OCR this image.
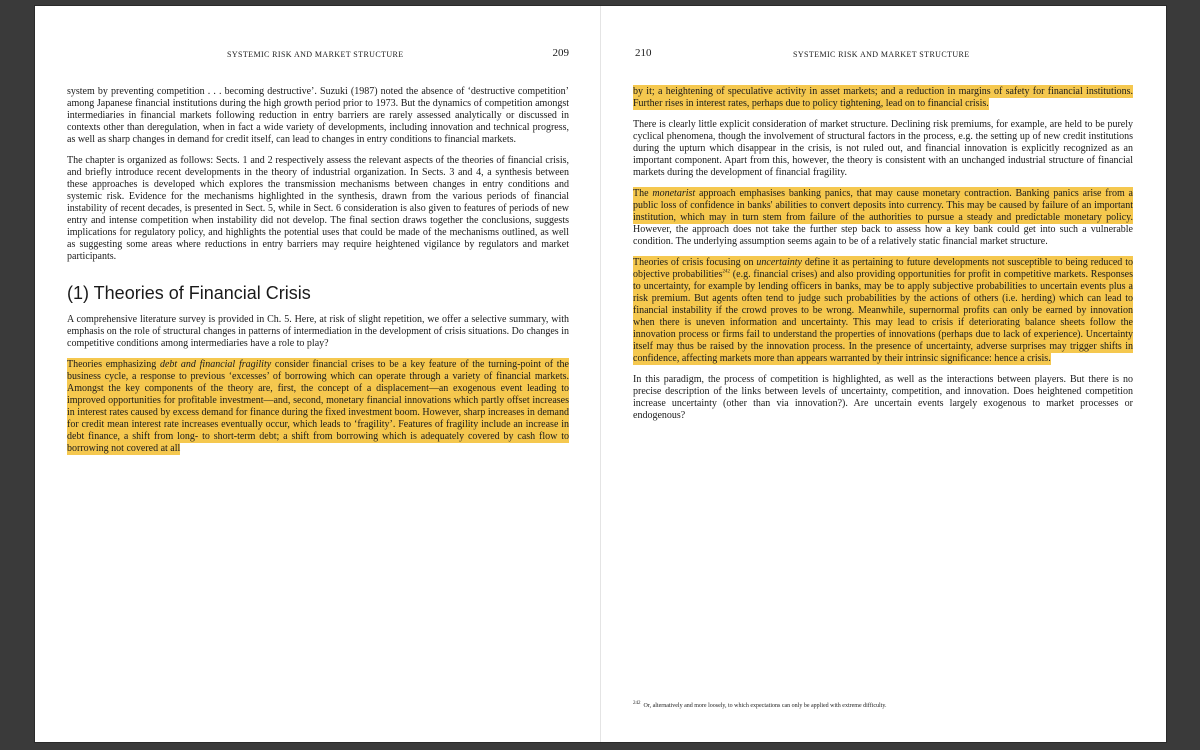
SYSTEMIC RISK AND MARKET STRUCTURE	209

system by preventing competition . . . becoming destructive’. Suzuki (1987) noted the absence of ‘destructive competition’ among Japanese financial institutions during the high growth period prior to 1973. But the dynamics of competition amongst intermediaries in financial markets following reduction in entry barriers are rarely assessed analytically or discussed in contexts other than deregulation, when in fact a wide variety of developments, including innovation and technical progress, as well as sharp changes in demand for credit itself, can lead to changes in entry conditions to financial markets.

The chapter is organized as follows: Sects. 1 and 2 respectively assess the relevant aspects of the theories of financial crisis, and briefly introduce recent developments in the theory of industrial organization. In Sects. 3 and 4, a synthesis between these approaches is developed which explores the transmission mechanisms between changes in entry conditions and systemic risk. Evidence for the mechanisms highlighted in the synthesis, drawn from the various periods of financial instability of recent decades, is presented in Sect. 5, while in Sect. 6 consideration is also given to features of periods of new entry and intense competition when instability did not develop. The final section draws together the conclusions, suggests implications for regulatory policy, and highlights the potential uses that could be made of the mechanisms outlined, as well as suggesting some areas where reductions in entry barriers may require heightened vigilance by regulators and market participants.

(1) Theories of Financial Crisis

A comprehensive literature survey is provided in Ch. 5. Here, at risk of slight repetition, we offer a selective summary, with emphasis on the role of structural changes in patterns of intermediation in the development of crisis situations. Do changes in competitive conditions among intermediaries have a role to play?

Theories emphasizing debt and financial fragility consider financial crises to be a key feature of the turning-point of the business cycle, a response to previous ‘excesses’ of borrowing which can operate through a variety of financial markets. Amongst the key components of the theory are, first, the concept of a displacement—an exogenous event leading to improved opportunities for profitable investment—and, second, monetary financial innovations which partly offset increases in interest rates caused by excess demand for finance during the fixed investment boom. However, sharp increases in demand for credit mean interest rate increases eventually occur, which leads to ‘fragility’. Features of fragility include an increase in debt finance, a shift from long- to short-term debt; a shift from borrowing which is adequately covered by cash flow to borrowing not covered at all

210	SYSTEMIC RISK AND MARKET STRUCTURE

by it; a heightening of speculative activity in asset markets; and a reduction in margins of safety for financial institutions. Further rises in interest rates, perhaps due to policy tightening, lead on to financial crisis.

There is clearly little explicit consideration of market structure. Declining risk premiums, for example, are held to be purely cyclical phenomena, though the involvement of structural factors in the process, e.g. the setting up of new credit institutions during the upturn which disappear in the crisis, is not ruled out, and financial innovation is explicitly recognized as an important component. Apart from this, however, the theory is consistent with an unchanged industrial structure of financial markets during the development of financial fragility.

The monetarist approach emphasises banking panics, that may cause monetary contraction. Banking panics arise from a public loss of confidence in banks' abilities to convert deposits into currency. This may be caused by failure of an important institution, which may in turn stem from failure of the authorities to pursue a steady and predictable monetary policy. However, the approach does not take the further step back to assess how a key bank could get into such a vulnerable condition. The underlying assumption seems again to be of a relatively static financial market structure.

Theories of crisis focusing on uncertainty define it as pertaining to future developments not susceptible to being reduced to objective probabilities$^{242}$ (e.g. financial crises) and also providing opportunities for profit in competitive markets. Responses to uncertainty, for example by lending officers in banks, may be to apply subjective probabilities to uncertain events plus a risk premium. But agents often tend to judge such probabilities by the actions of others (i.e. herding) which can lead to financial instability if the crowd proves to be wrong. Meanwhile, supernormal profits can only be earned by innovation when there is uneven information and uncertainty. This may lead to crisis if deteriorating balance sheets follow the innovation process or firms fail to understand the properties of innovations (perhaps due to lack of experience). Uncertainty itself may thus be raised by the innovation process. In the presence of uncertainty, adverse surprises may trigger shifts in confidence, affecting markets more than appears warranted by their intrinsic significance: hence a crisis.

In this paradigm, the process of competition is highlighted, as well as the interactions between players. But there is no precise description of the links between levels of uncertainty, competition, and innovation. Does heightened competition increase uncertainty (other than via innovation?). Are uncertain events largely exogenous to market processes or endogenous?

$^{242}$ Or, alternatively and more loosely, to which expectations can only be applied with extreme difficulty.
